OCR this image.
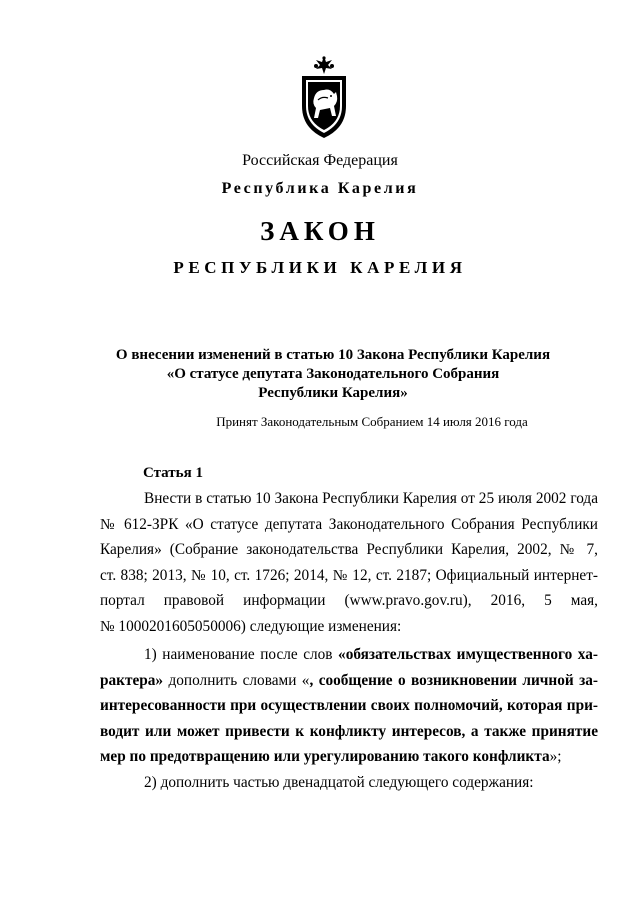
Российская Федерация
Республика Карелия
ЗАКОН
РЕСПУБЛИКИ КАРЕЛИЯ
О внесении изменений в статью 10 Закона Республики Карелия
«О статусе депутата Законодательного Собрания
Республики Карелия»
Принят Законодательным Собранием 14 июля 2016 года
Статья 1
Внести в статью 10 Закона Республики Карелия от 25 июля 2002 года
№ 612-ЗРК «О статусе депутата Законодательного Собрания Республики
Карелия» (Собрание законодательства Республики Карелия, 2002, № 7,
ст. 838; 2013, № 10, ст. 1726; 2014, № 12, ст. 2187; Официальный интернет-
портал правовой информации (www.pravo.gov.ru), 2016, 5 мая,
№ 1000201605050006) следующие изменения:
1) наименование после слов «обязательствах имущественного ха-
рактера» дополнить словами «, сообщение о возникновении личной за-
интересованности при осуществлении своих полномочий, которая при-
водит или может привести к конфликту интересов, а также принятие
мер по предотвращению или урегулированию такого конфликта»;
2) дополнить частью двенадцатой следующего содержания:
